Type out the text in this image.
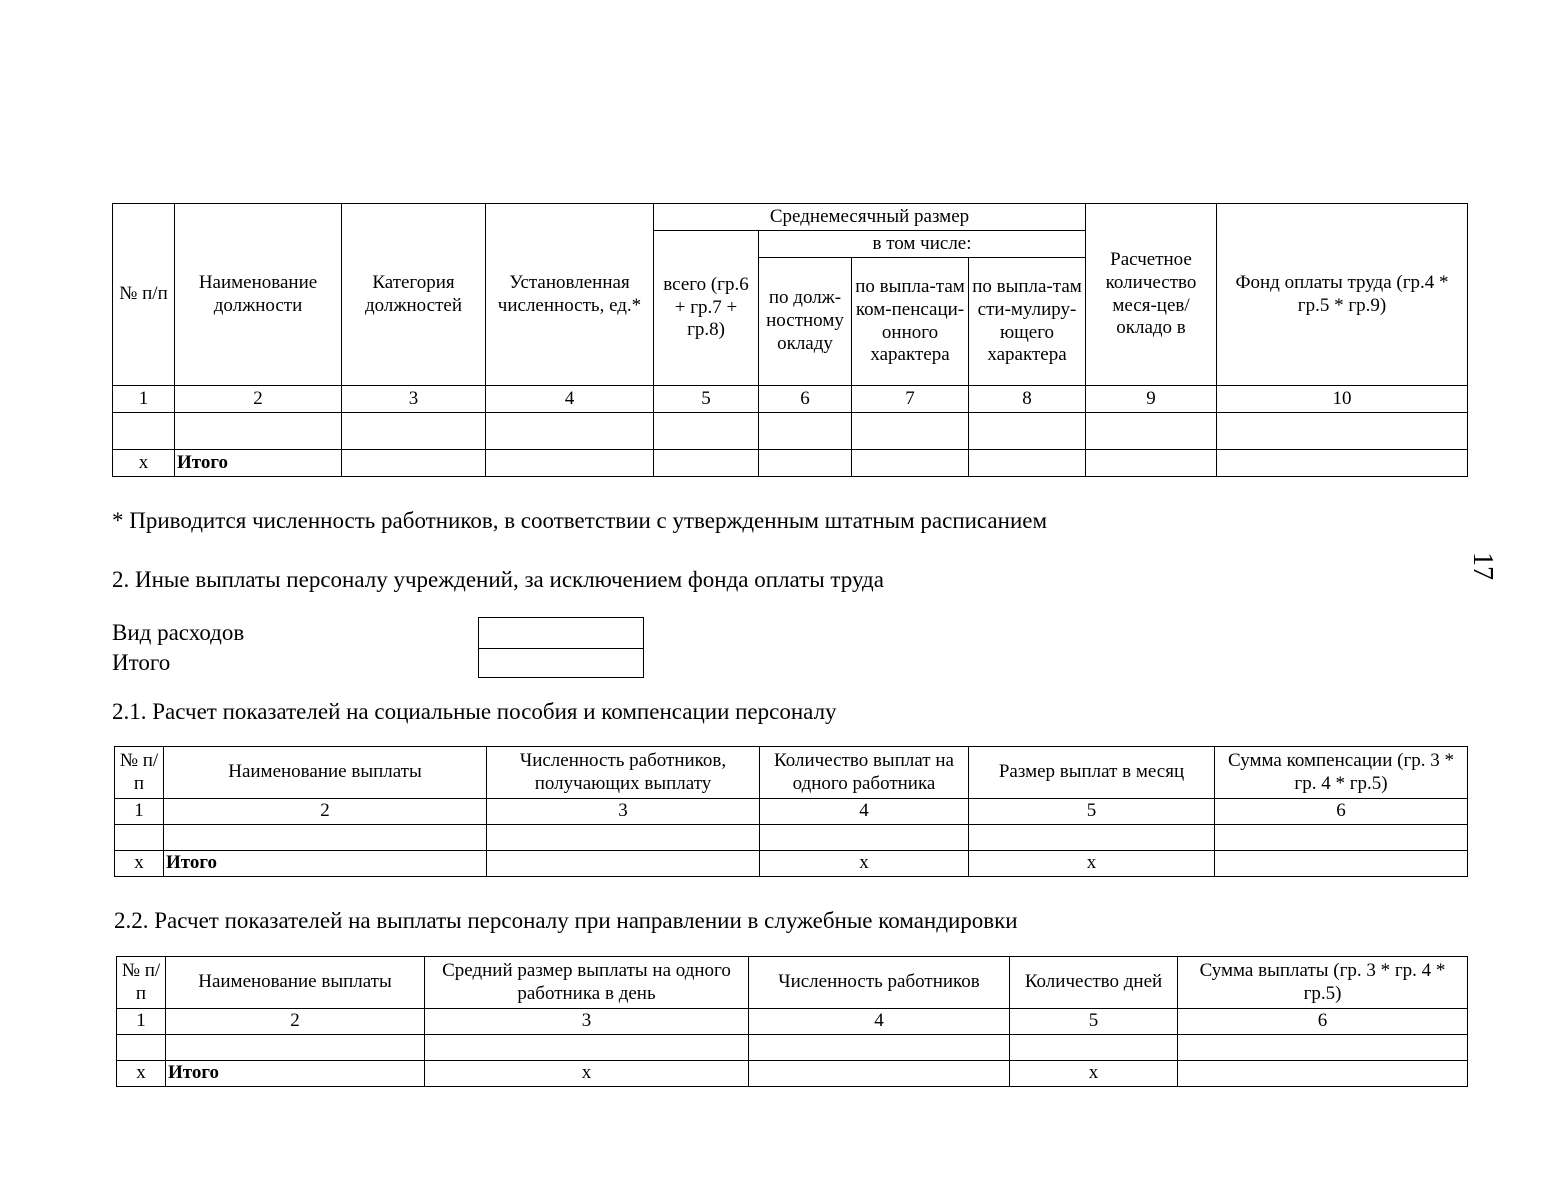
№ п/п	Наименование должности	Категория должностей	Установленная численность, ед.*	Среднемесячный размер				Расчетное количество меся-цев/окладо в	Фонд оплаты труда (гр.4 * гр.5 * гр.9)
				всего (гр.6 + гр.7 + гр.8)	в том числе:				
					по долж-ностному окладу	по выпла-там ком-пенсаци-онного характера	по выпла-там сти-мулиру-ющего характера		
1	2	3	4	5	6	7	8	9	10

х	Итого								
17
* Приводится численность работников, в соответствии с утвержденным штатным расписанием
2. Иные выплаты персоналу учреждений, за исключением фонда оплаты труда
Вид расходов
Итого
2.1. Расчет показателей на социальные пособия и компенсации персоналу
№ п/п	Наименование выплаты	Численность работников, получающих выплату	Количество выплат на одного работника	Размер выплат в месяц	Сумма компенсации (гр. 3 * гр. 4 * гр.5)
1	2	3	4	5	6

х	Итого		х	х	
2.2. Расчет показателей на выплаты персоналу при направлении в служебные командировки
№ п/п	Наименование выплаты	Средний размер выплаты на одного работника в день	Численность работников	Количество дней	Сумма выплаты (гр. 3 * гр. 4 * гр.5)
1	2	3	4	5	6

х	Итого	х		х	
